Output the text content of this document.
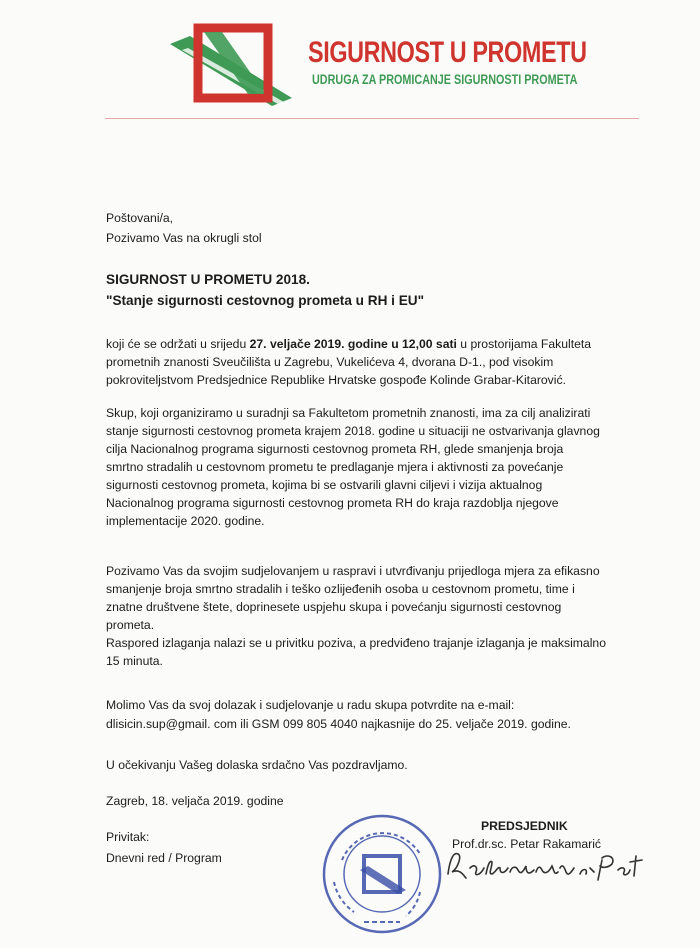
SIGURNOST U PROMETU
UDRUGA ZA PROMICANJE SIGURNOSTI PROMETA
Poštovani/a,
Pozivamo Vas na okrugli stol
SIGURNOST U PROMETU 2018.
"Stanje sigurnosti cestovnog prometa u RH i EU"
koji će se održati u srijedu 27. veljače 2019. godine u 12,00 sati u prostorijama Fakulteta
prometnih znanosti Sveučilišta u Zagrebu, Vukelićeva 4, dvorana D-1., pod visokim
pokroviteljstvom Predsjednice Republike Hrvatske gospođe Kolinde Grabar-Kitarović.
Skup, koji organiziramo u suradnji sa Fakultetom prometnih znanosti, ima za cilj analizirati
stanje sigurnosti cestovnog prometa krajem 2018. godine u situaciji ne ostvarivanja glavnog
cilja Nacionalnog programa sigurnosti cestovnog prometa RH, glede smanjenja broja
smrtno stradalih u cestovnom prometu te predlaganje mjera i aktivnosti za povećanje
sigurnosti cestovnog prometa, kojima bi se ostvarili glavni ciljevi i vizija aktualnog
Nacionalnog programa sigurnosti cestovnog prometa RH do kraja razdoblja njegove
implementacije 2020. godine.
Pozivamo Vas da svojim sudjelovanjem u raspravi i utvrđivanju prijedloga mjera za efikasno
smanjenje broja smrtno stradalih i teško ozlijeđenih osoba u cestovnom prometu, time i
znatne društvene štete, doprinesete uspjehu skupa i povećanju sigurnosti cestovnog
prometa.
Raspored izlaganja nalazi se u privitku poziva, a predviđeno trajanje izlaganja je maksimalno
15 minuta.
Molimo Vas da svoj dolazak i sudjelovanje u radu skupa potvrdite na e-mail:
dlisicin.sup@gmail. com ili GSM 099 805 4040 najkasnije do 25. veljače 2019. godine.
U očekivanju Vašeg dolaska srdačno Vas pozdravljamo.
Zagreb, 18. veljača 2019. godine
Privitak:
Dnevni red / Program
PREDSJEDNIK
Prof.dr.sc. Petar Rakamarić
